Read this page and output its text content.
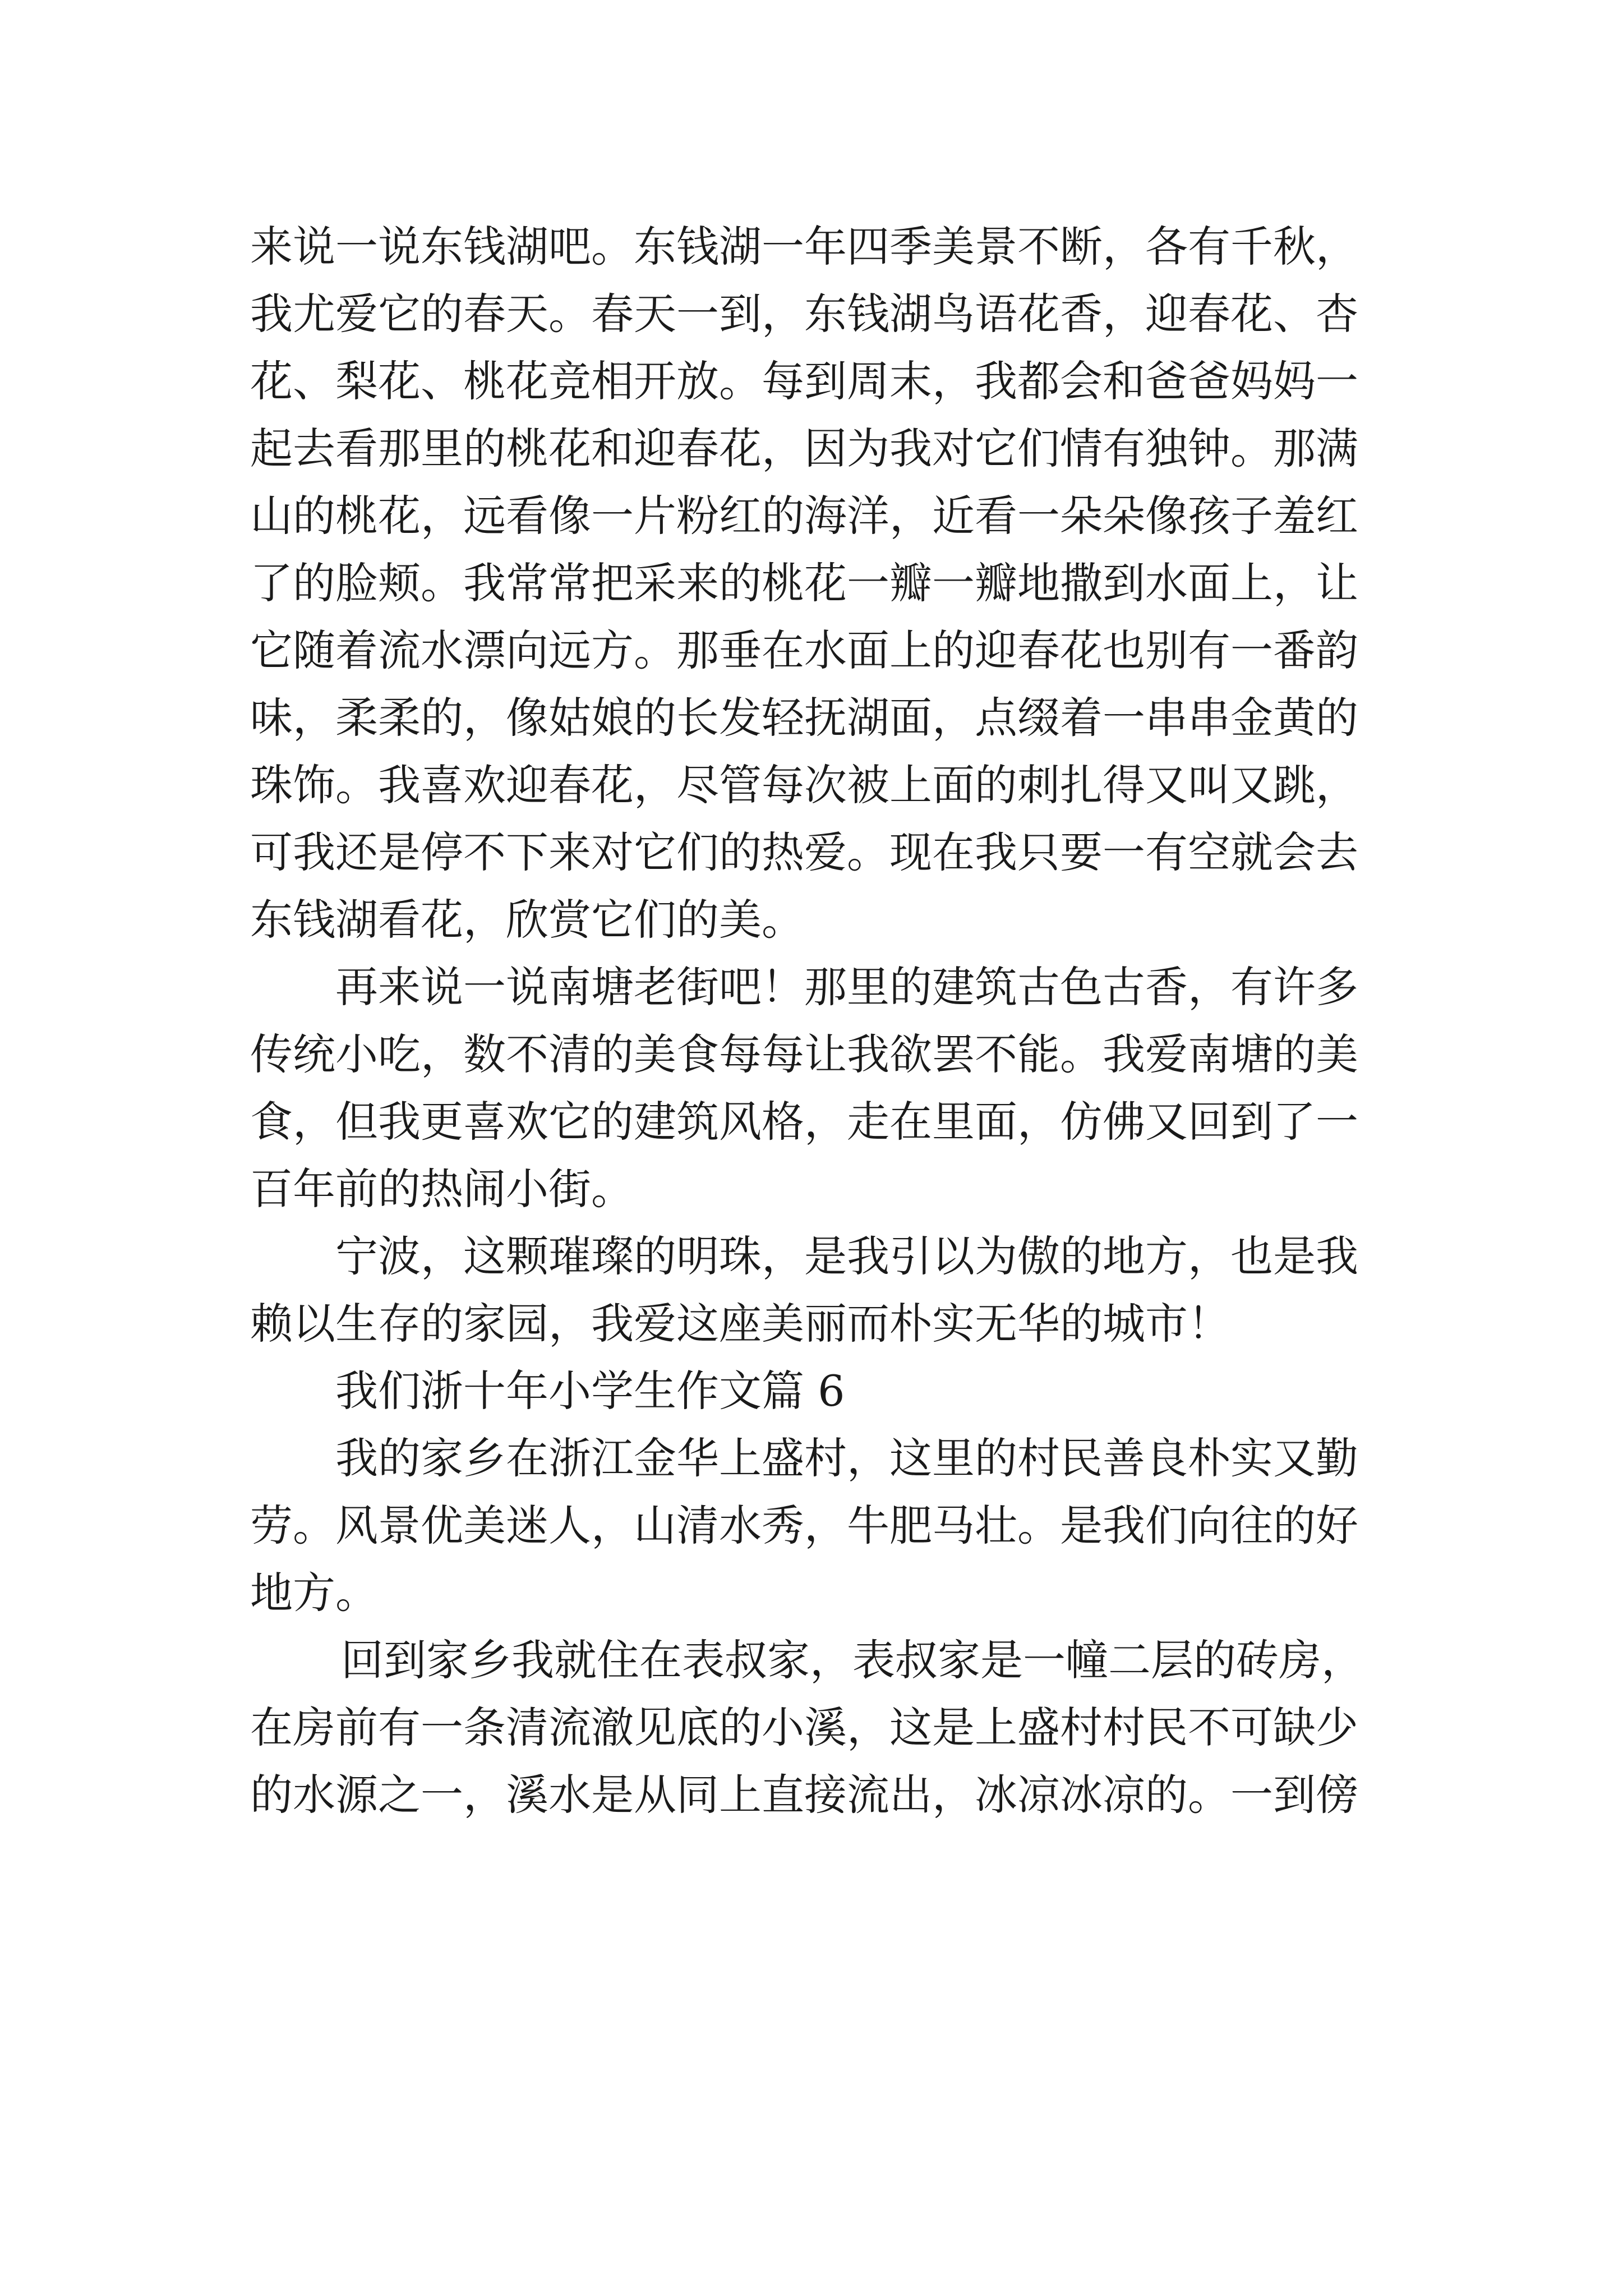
来说一说东钱湖吧。东钱湖一年四季美景不断，各有千秋，
我尤爱它的春天。春天一到，东钱湖鸟语花香，迎春花、杏
花、梨花、桃花竞相开放。每到周末，我都会和爸爸妈妈一
起去看那里的桃花和迎春花，因为我对它们情有独钟。那满
山的桃花，远看像一片粉红的海洋，近看一朵朵像孩子羞红
了的脸颊。我常常把采来的桃花一瓣一瓣地撒到水面上，让
它随着流水漂向远方。那垂在水面上的迎春花也别有一番韵
味，柔柔的，像姑娘的长发轻抚湖面，点缀着一串串金黄的
珠饰。我喜欢迎春花，尽管每次被上面的刺扎得又叫又跳，
可我还是停不下来对它们的热爱。现在我只要一有空就会去
东钱湖看花，欣赏它们的美。
再来说一说南塘老街吧！那里的建筑古色古香，有许多
传统小吃，数不清的美食每每让我欲罢不能。我爱南塘的美
食，但我更喜欢它的建筑风格，走在里面，仿佛又回到了一
百年前的热闹小街。
宁波，这颗璀璨的明珠，是我引以为傲的地方，也是我
赖以生存的家园，我爱这座美丽而朴实无华的城市！
我们浙十年小学生作文篇 6
我的家乡在浙江金华上盛村，这里的村民善良朴实又勤
劳。风景优美迷人，山清水秀，牛肥马壮。是我们向往的好
地方。
回到家乡我就住在表叔家，表叔家是一幢二层的砖房，
在房前有一条清流澈见底的小溪，这是上盛村村民不可缺少
的水源之一，溪水是从同上直接流出，冰凉冰凉的。一到傍
